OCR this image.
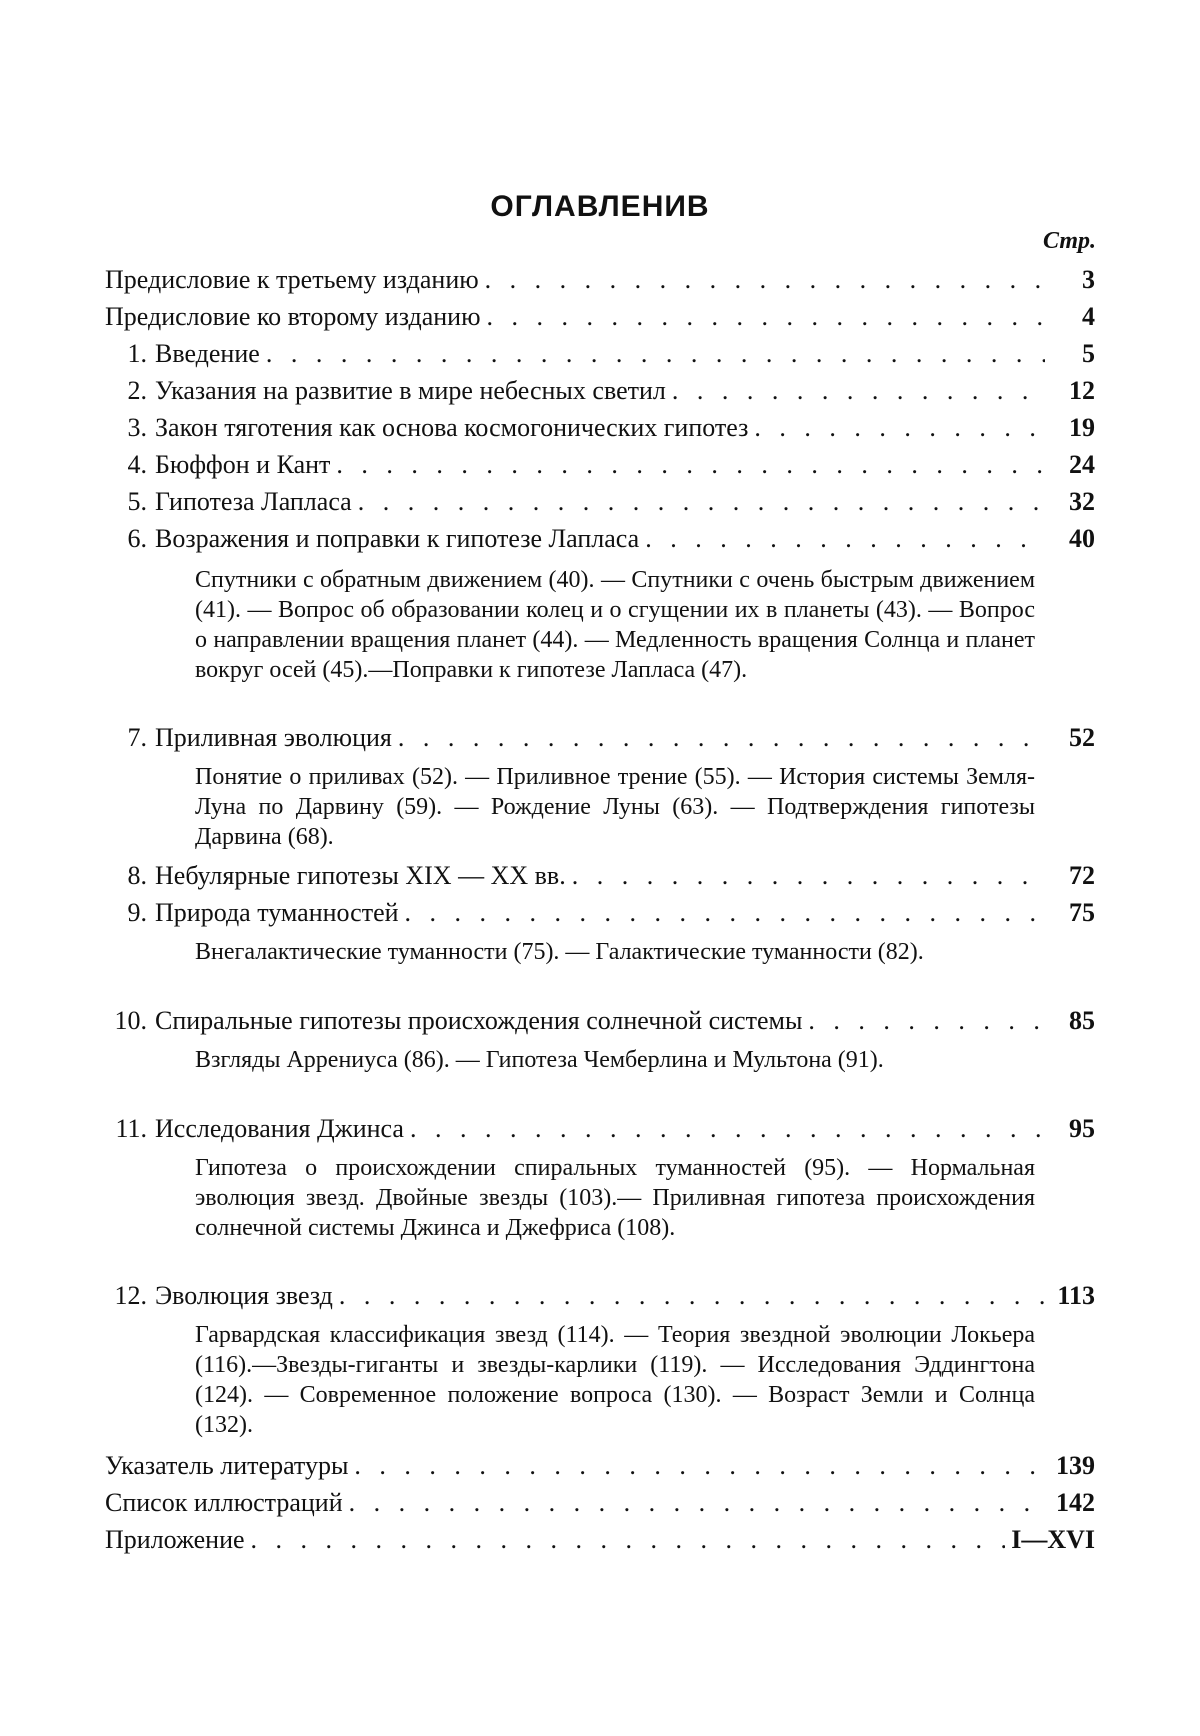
ОГЛАВЛЕНИВ
Стр.
Предисловие к третьему изданию . . .	3
Предисловие ко второму изданию . . .	4
1. Введение . . .	5
2. Указания на развитие в мире небесных светил . . .	12
3. Закон тяготения как основа космогонических гипотез . . .	19
4. Бюффон и Кант . . .	24
5. Гипотеза Лапласа . . .	32
6. Возражения и поправки к гипотезе Лапласа . . .	40
Спутники с обратным движением (40). — Спутники с очень быстрым движением (41). — Вопрос об образовании колец и о сгущении их в планеты (43). — Вопрос о направлении вращения планет (44). — Медленность вращения Солнца и планет вокруг осей (45).—Поправки к гипотезе Лапласа (47).
7. Приливная эволюция . . .	52
Понятие о приливах (52). — Приливное трение (55). — История системы Земля-Луна по Дарвину (59). — Рождение Луны (63). — Подтверждения гипотезы Дарвина (68).
8. Небулярные гипотезы XIX — XX вв. . . .	72
9. Природа туманностей . . .	75
Внегалактические туманности (75). — Галактические туманности (82).
10. Спиральные гипотезы происхождения солнечной системы . . .	85
Взгляды Аррениуса (86). — Гипотеза Чемберлина и Мультона (91).
11. Исследования Джинса . . .	95
Гипотеза о происхождении спиральных туманностей (95). — Нормальная эволюция звезд. Двойные звезды (103).— Приливная гипотеза происхождения солнечной системы Джинса и Джефриса (108).
12. Эволюция звезд . . .	113
Гарвардская классификация звезд (114). — Теория звездной эволюции Локьера (116).—Звезды-гиганты и звезды-карлики (119). — Исследования Эддингтона (124). — Современное положение вопроса (130). — Возраст Земли и Солнца (132).
Указатель литературы . . .	139
Список иллюстраций . . .	142
Приложение . . .	I—XVI
